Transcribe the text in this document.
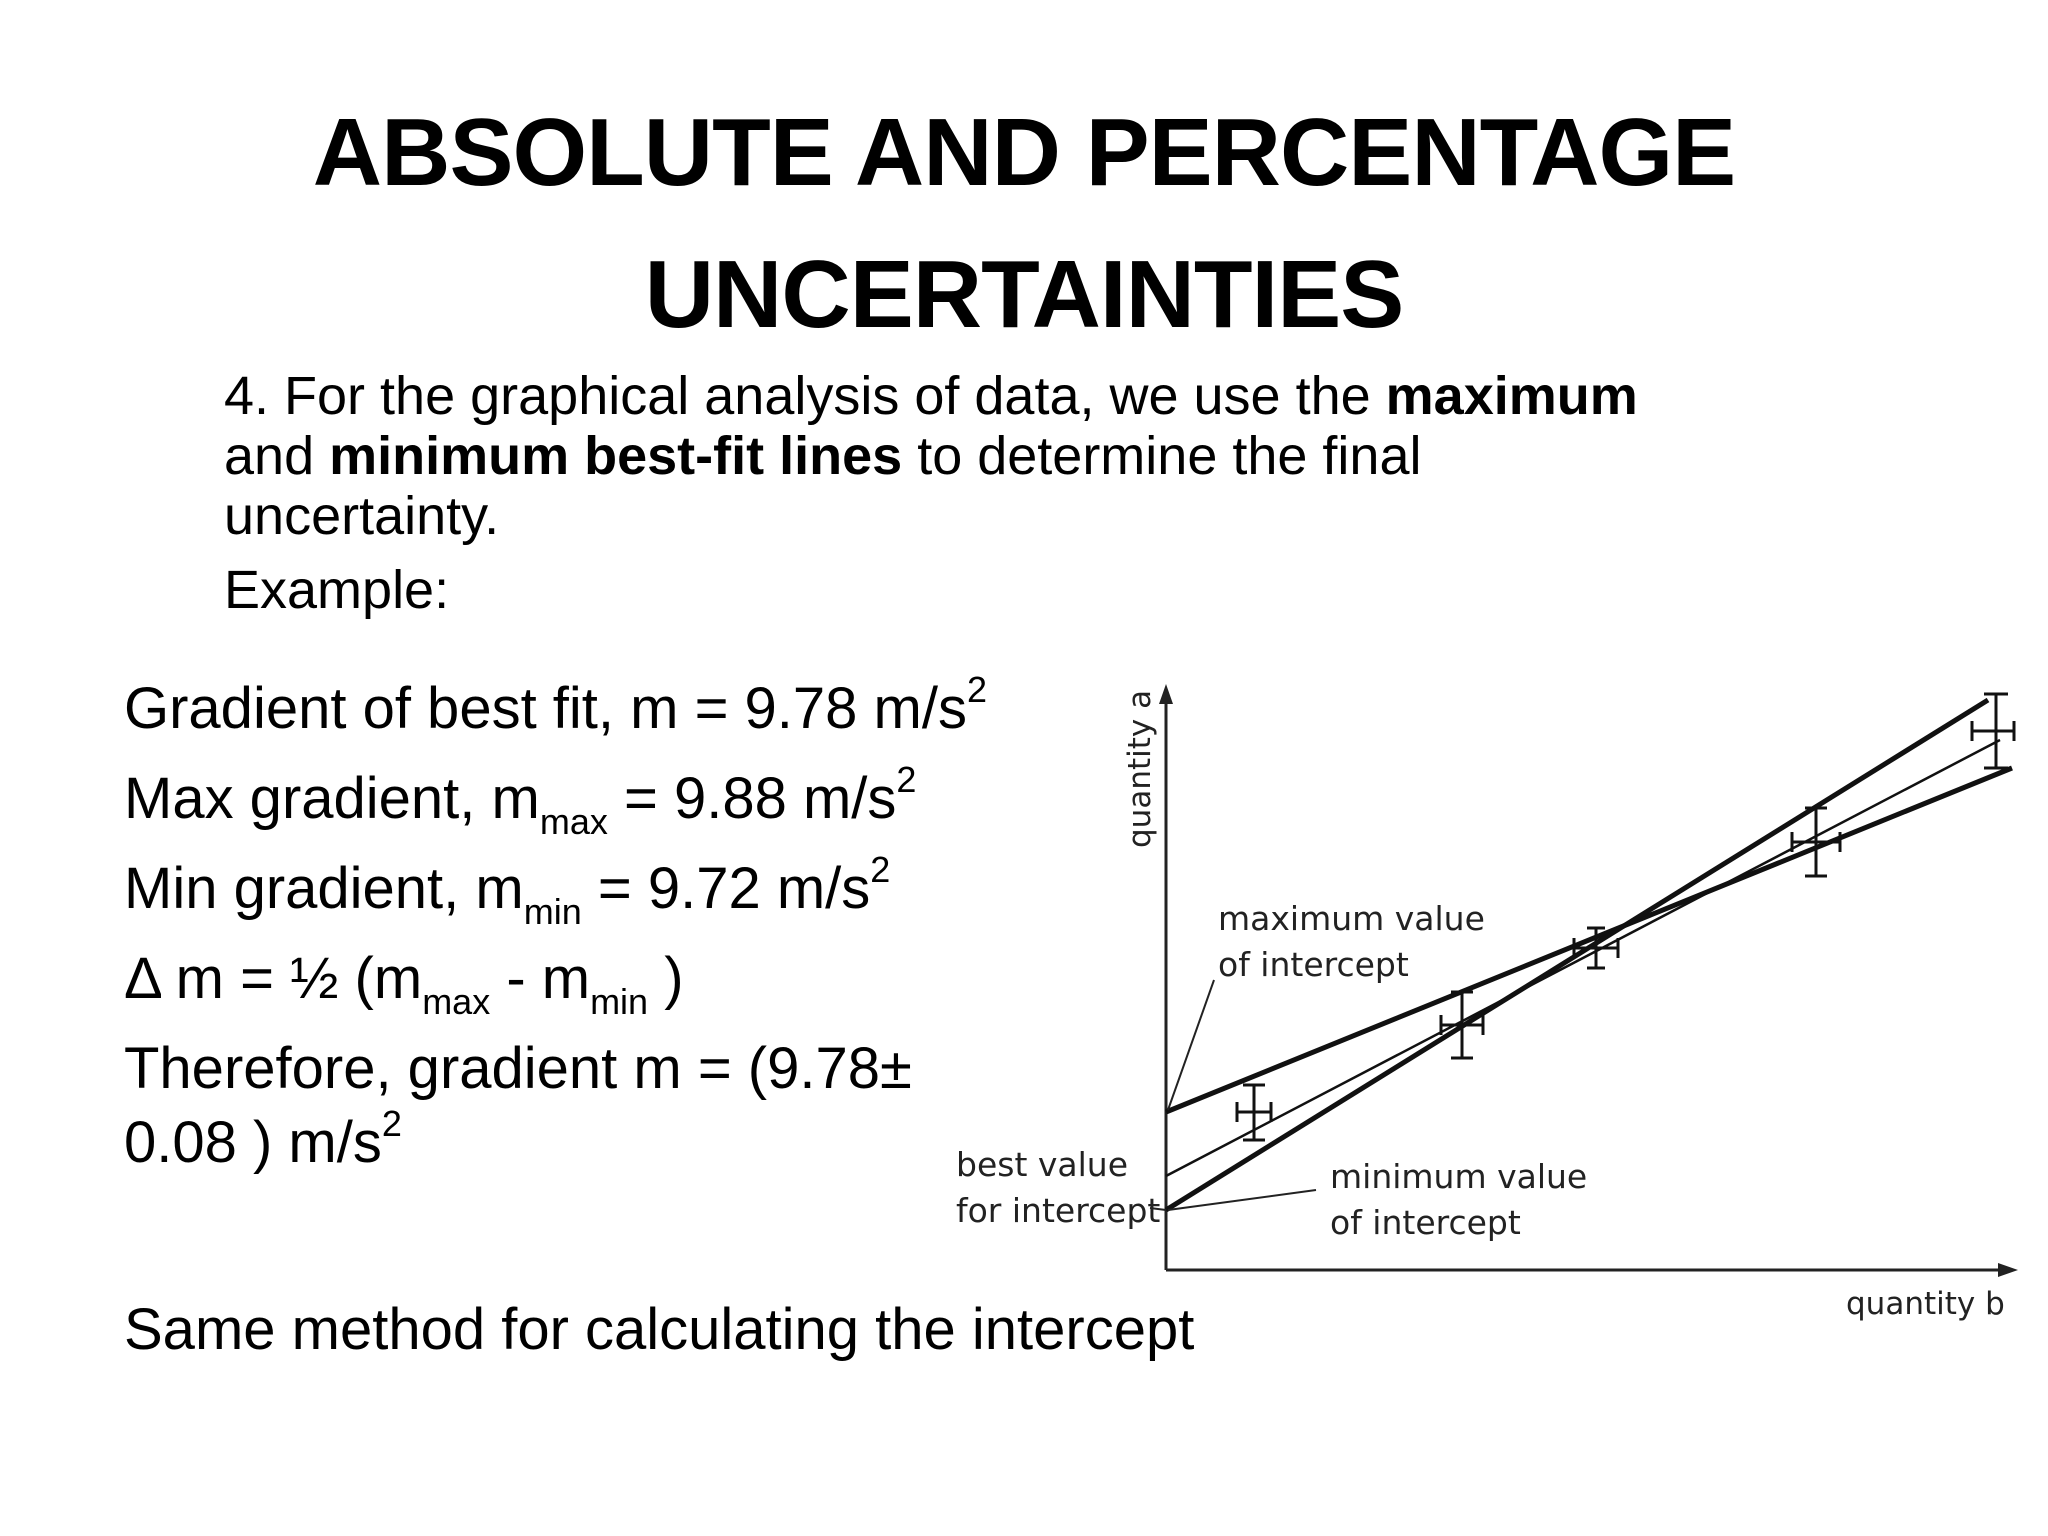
ABSOLUTE AND PERCENTAGE
UNCERTAINTIES

4. For the graphical analysis of data, we use the maximum and minimum best-fit lines to determine the final uncertainty.

Example:

Gradient of best fit, m = 9.78 $m/s^2$
Max gradient, $m_{max} = 9.88$ $m/s^2$
Min gradient, $m_{min} = 9.72$ $m/s^2$
Δ m = ½ ($m_{max} - m_{min}$ )
Therefore, gradient m = (9.78± 0.08 ) $m/s^2$
Same method for calculating the intercept
quantity a
quantity b
maximum value
of intercept
best value
for intercept
minimum value
of intercept
